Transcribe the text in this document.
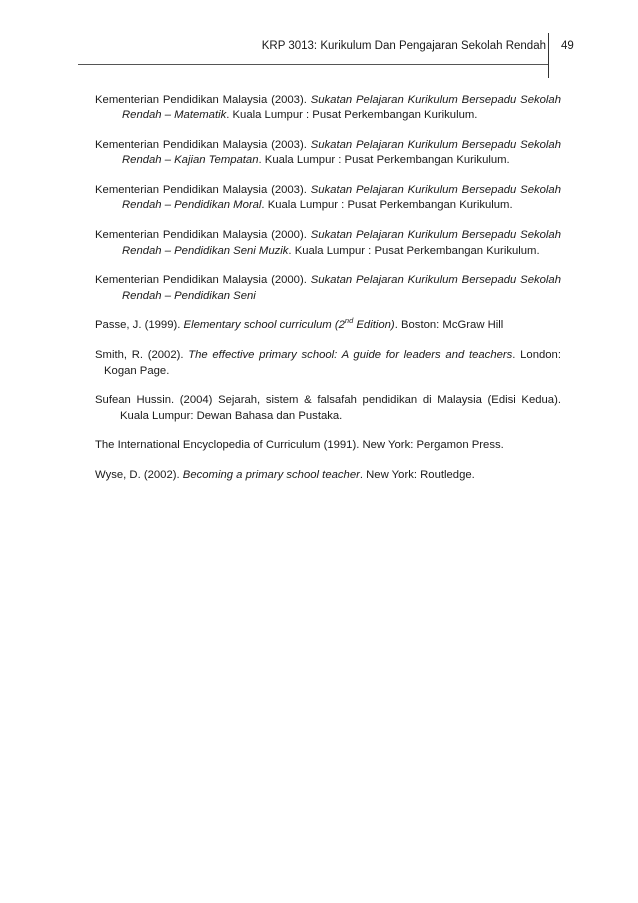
KRP 3013: Kurikulum Dan Pengajaran Sekolah Rendah 49

Kementerian Pendidikan Malaysia (2003). Sukatan Pelajaran Kurikulum Bersepadu Sekolah Rendah – Matematik. Kuala Lumpur : Pusat Perkembangan Kurikulum.

Kementerian Pendidikan Malaysia (2003). Sukatan Pelajaran Kurikulum Bersepadu Sekolah Rendah – Kajian Tempatan. Kuala Lumpur : Pusat Perkembangan Kurikulum.

Kementerian Pendidikan Malaysia (2003). Sukatan Pelajaran Kurikulum Bersepadu Sekolah Rendah – Pendidikan Moral. Kuala Lumpur : Pusat Perkembangan Kurikulum.

Kementerian Pendidikan Malaysia (2000). Sukatan Pelajaran Kurikulum Bersepadu Sekolah Rendah – Pendidikan Seni Muzik. Kuala Lumpur : Pusat Perkembangan Kurikulum.

Kementerian Pendidikan Malaysia (2000). Sukatan Pelajaran Kurikulum Bersepadu Sekolah Rendah – Pendidikan Seni

Passe, J. (1999). Elementary school curriculum (2nd Edition). Boston: McGraw Hill

Smith, R. (2002). The effective primary school: A guide for leaders and teachers. London: Kogan Page.

Sufean Hussin. (2004) Sejarah, sistem & falsafah pendidikan di Malaysia (Edisi Kedua). Kuala Lumpur: Dewan Bahasa dan Pustaka.

The International Encyclopedia of Curriculum (1991). New York: Pergamon Press.

Wyse, D. (2002). Becoming a primary school teacher. New York: Routledge.
